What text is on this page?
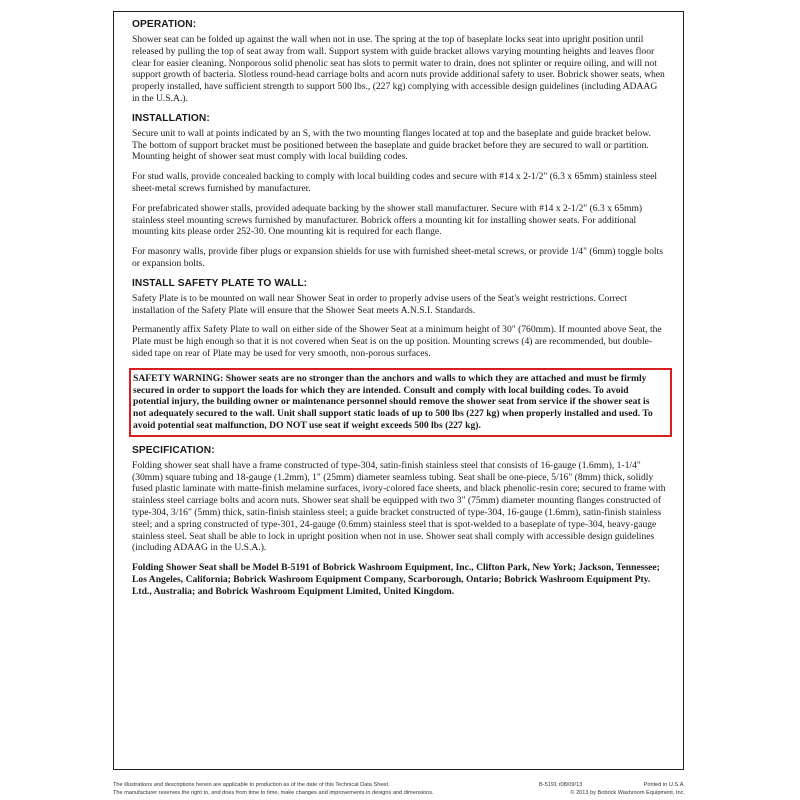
OPERATION:

Shower seat can be folded up against the wall when not in use. The spring at the top of baseplate locks seat into upright position until released by pulling the top of seat away from wall. Support system with guide bracket allows varying mounting heights and leaves floor clear for easier cleaning. Nonporous solid phenolic seat has slots to permit water to drain, does not splinter or require oiling, and will not support growth of bacteria. Slotless round-head carriage bolts and acorn nuts provide additional safety to user. Bobrick shower seats, when properly installed, have sufficient strength to support 500 lbs., (227 kg) complying with accessible design guidelines (including ADAAG in the U.S.A.).

INSTALLATION:

Secure unit to wall at points indicated by an S, with the two mounting flanges located at top and the baseplate and guide bracket below. The bottom of support bracket must be positioned between the baseplate and guide bracket before they are secured to wall or partition. Mounting height of shower seat must comply with local building codes.

For stud walls, provide concealed backing to comply with local building codes and secure with #14 x 2-1/2" (6.3 x 65mm) stainless steel sheet-metal screws furnished by manufacturer.

For prefabricated shower stalls, provided adequate backing by the shower stall manufacturer. Secure with #14 x 2-1/2" (6.3 x 65mm) stainless steel mounting screws furnished by manufacturer. Bobrick offers a mounting kit for installing shower seats. For additional mounting kits please order 252-30. One mounting kit is required for each flange.

For masonry walls, provide fiber plugs or expansion shields for use with furnished sheet-metal screws, or provide 1/4" (6mm) toggle bolts or expansion bolts.

INSTALL SAFETY PLATE TO WALL:

Safety Plate is to be mounted on wall near Shower Seat in order to properly advise users of the Seat's weight restrictions. Correct installation of the Safety Plate will ensure that the Shower Seat meets A.N.S.I. Standards.

Permanently affix Safety Plate to wall on either side of the Shower Seat at a minimum height of 30" (760mm). If mounted above Seat, the Plate must be high enough so that it is not covered when Seat is on the up position. Mounting screws (4) are recommended, but double-sided tape on rear of Plate may be used for very smooth, non-porous surfaces.

SAFETY WARNING: Shower seats are no stronger than the anchors and walls to which they are attached and must be firmly secured in order to support the loads for which they are intended. Consult and comply with local building codes. To avoid potential injury, the building owner or maintenance personnel should remove the shower seat from service if the shower seat is not adequately secured to the wall. Unit shall support static loads of up to 500 lbs (227 kg) when properly installed and used. To avoid potential seat malfunction, DO NOT use seat if weight exceeds 500 lbs (227 kg).
SPECIFICATION:

Folding shower seat shall have a frame constructed of type-304, satin-finish stainless steel that consists of 16-gauge (1.6mm), 1-1/4" (30mm) square tubing and 18-gauge (1.2mm), 1" (25mm) diameter seamless tubing. Seat shall be one-piece, 5/16" (8mm) thick, solidly fused plastic laminate with matte-finish melamine surfaces, ivory-colored face sheets, and black phenolic-resin core; secured to frame with stainless steel carriage bolts and acorn nuts. Shower seat shall be equipped with two 3" (75mm) diameter mounting flanges constructed of type-304, 3/16" (5mm) thick, satin-finish stainless steel; a guide bracket constructed of type-304, 16-gauge (1.6mm), satin-finish stainless steel; and a spring constructed of type-301, 24-gauge (0.6mm) stainless steel that is spot-welded to a baseplate of type-304, heavy-gauge stainless steel. Seat shall be able to lock in upright position when not in use. Shower seat shall comply with accessible design guidelines (including ADAAG in the U.S.A.).

Folding Shower Seat shall be Model B-5191 of Bobrick Washroom Equipment, Inc., Clifton Park, New York; Jackson, Tennessee; Los Angeles, California; Bobrick Washroom Equipment Company, Scarborough, Ontario; Bobrick Washroom Equipment Pty. Ltd., Australia; and Bobrick Washroom Equipment Limited, United Kingdom.

The illustrations and descriptions herein are applicable to production as of the date of this Technical Data Sheet.
The manufacturer reserves the right to, and does from time to time, make changes and improvements in designs and dimensions.
B-5191 r08/09/13	Printed in U.S.A.
© 2013 by Bobrick Washroom Equipment, Inc.
